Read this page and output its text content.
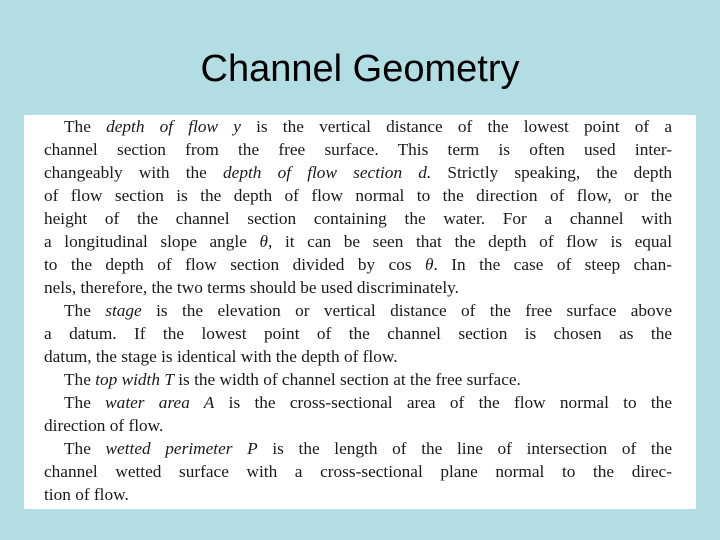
Channel Geometry
The depth of flow y is the vertical distance of the lowest point of a
channel section from the free surface. This term is often used inter-
changeably with the depth of flow section d. Strictly speaking, the depth
of flow section is the depth of flow normal to the direction of flow, or the
height of the channel section containing the water. For a channel with
a longitudinal slope angle θ, it can be seen that the depth of flow is equal
to the depth of flow section divided by cos θ. In the case of steep chan-
nels, therefore, the two terms should be used discriminately.
The stage is the elevation or vertical distance of the free surface above
a datum. If the lowest point of the channel section is chosen as the
datum, the stage is identical with the depth of flow.
The top width T is the width of channel section at the free surface.
The water area A is the cross-sectional area of the flow normal to the
direction of flow.
The wetted perimeter P is the length of the line of intersection of the
channel wetted surface with a cross-sectional plane normal to the direc-
tion of flow.
